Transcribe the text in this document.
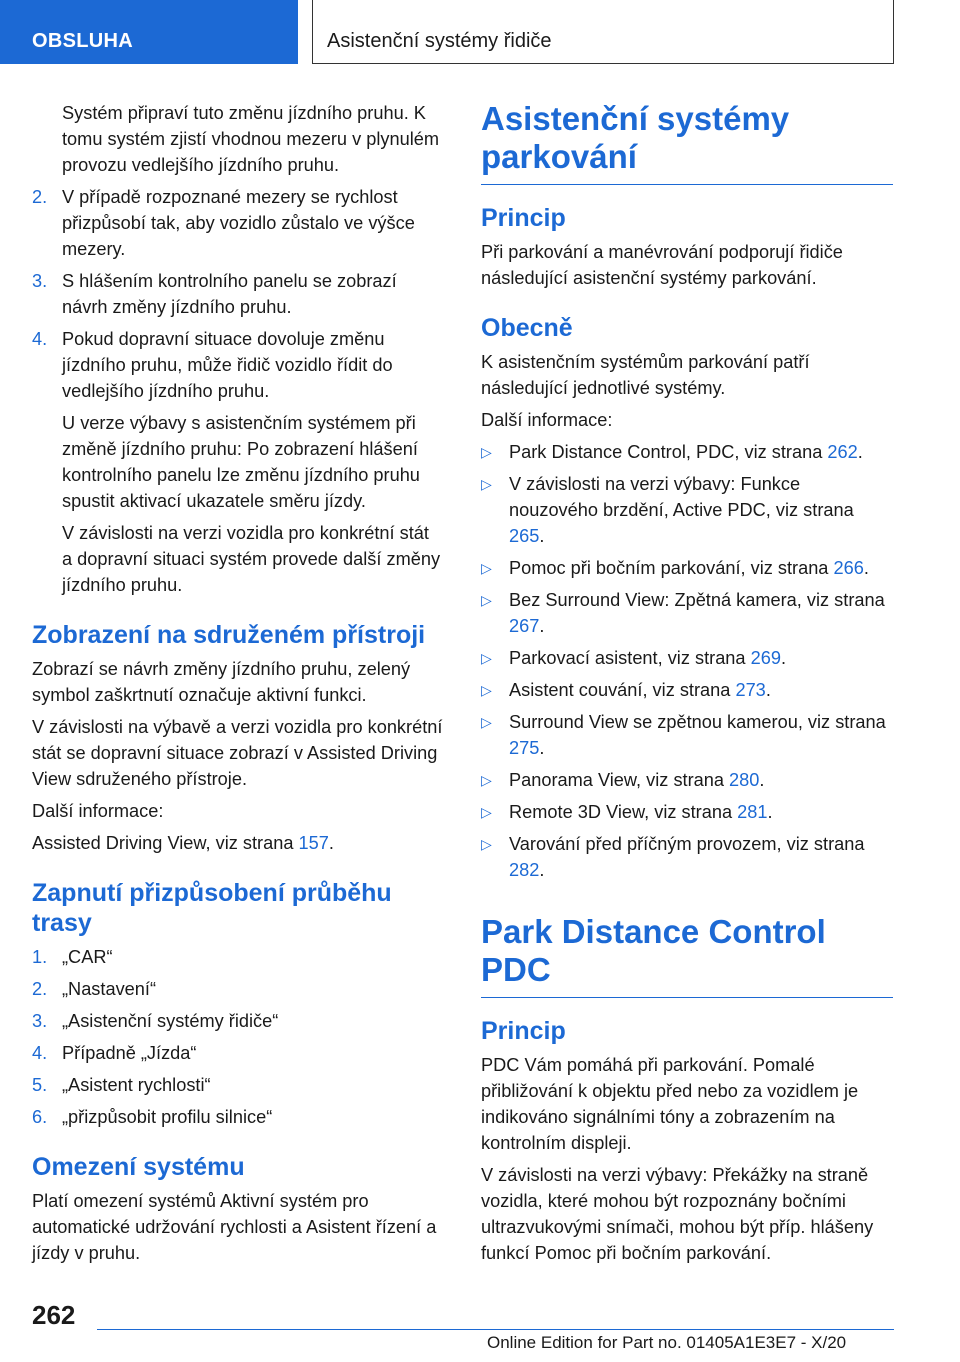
OBSLUHA	Asistenční systémy řidiče

Systém připraví tuto změnu jízdního pruhu. K tomu systém zjistí vhodnou mezeru v plynulém provozu vedlejšího jízdního pruhu.

2. V případě rozpoznané mezery se rychlost přizpůsobí tak, aby vozidlo zůstalo ve výšce mezery.
3. S hlášením kontrolního panelu se zobrazí návrh změny jízdního pruhu.
4. Pokud dopravní situace dovoluje změnu jízdního pruhu, může řidič vozidlo řídit do vedlejšího jízdního pruhu.
U verze výbavy s asistenčním systémem při změně jízdního pruhu: Po zobrazení hlášení kontrolního panelu lze změnu jízdního pruhu spustit aktivací ukazatele směru jízdy.
V závislosti na verzi vozidla pro konkrétní stát a dopravní situaci systém provede další změny jízdního pruhu.
Zobrazení na sdruženém přístroji

Zobrazí se návrh změny jízdního pruhu, zelený symbol zaškrtnutí označuje aktivní funkci.

V závislosti na výbavě a verzi vozidla pro konkrétní stát se dopravní situace zobrazí v Assisted Driving View sdruženého přístroje.

Další informace:

Assisted Driving View, viz strana 157.

Zapnutí přizpůsobení průběhu trasy
1. „CAR“
2. „Nastavení“
3. „Asistenční systémy řidiče“
4. Případně „Jízda“
5. „Asistent rychlosti“
6. „přizpůsobit profilu silnice“
Omezení systému

Platí omezení systémů Aktivní systém pro automatické udržování rychlosti a Asistent řízení a jízdy v pruhu.

Asistenční systémy parkování
Princip

Při parkování a manévrování podporují řidiče následující asistenční systémy parkování.

Obecně

K asistenčním systémům parkování patří následující jednotlivé systémy.

Další informace:

▷ Park Distance Control, PDC, viz strana 262.
▷ V závislosti na verzi výbavy: Funkce nouzového brzdění, Active PDC, viz strana 265.
▷ Pomoc při bočním parkování, viz strana 266.
▷ Bez Surround View: Zpětná kamera, viz strana 267.
▷ Parkovací asistent, viz strana 269.
▷ Asistent couvání, viz strana 273.
▷ Surround View se zpětnou kamerou, viz strana 275.
▷ Panorama View, viz strana 280.
▷ Remote 3D View, viz strana 281.
▷ Varování před příčným provozem, viz strana 282.
Park Distance Control PDC
Princip

PDC Vám pomáhá při parkování. Pomalé přibližování k objektu před nebo za vozidlem je indikováno signálními tóny a zobrazením na kontrolním displeji.

V závislosti na verzi výbavy: Překážky na straně vozidla, které mohou být rozpoznány bočními ultrazvukovými snímači, mohou být příp. hlášeny funkcí Pomoc při bočním parkování.

262
Online Edition for Part no. 01405A1E3E7 - X/20
